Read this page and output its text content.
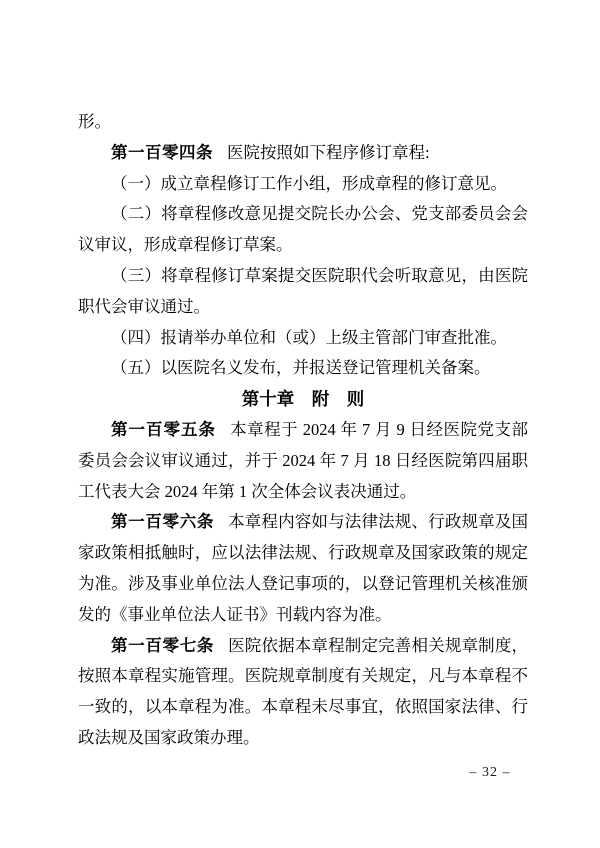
形。

第一百零四条 医院按照如下程序修订章程:

（一）成立章程修订工作小组，形成章程的修订意见。

（二）将章程修改意见提交院长办公会、党支部委员会会议审议，形成章程修订草案。

（三）将章程修订草案提交医院职代会听取意见，由医院职代会审议通过。

（四）报请举办单位和（或）上级主管部门审查批准。

（五）以医院名义发布，并报送登记管理机关备案。

第十章　附　则

第一百零五条 本章程于 2024 年 7 月 9 日经医院党支部委员会会议审议通过，并于 2024 年 7 月 18 日经医院第四届职工代表大会 2024 年第 1 次全体会议表决通过。

第一百零六条 本章程内容如与法律法规、行政规章及国家政策相抵触时，应以法律法规、行政规章及国家政策的规定为准。涉及事业单位法人登记事项的，以登记管理机关核准颁发的《事业单位法人证书》刊载内容为准。

第一百零七条 医院依据本章程制定完善相关规章制度，按照本章程实施管理。医院规章制度有关规定，凡与本章程不一致的，以本章程为准。本章程未尽事宜，依照国家法律、行政法规及国家政策办理。

– 32 –
